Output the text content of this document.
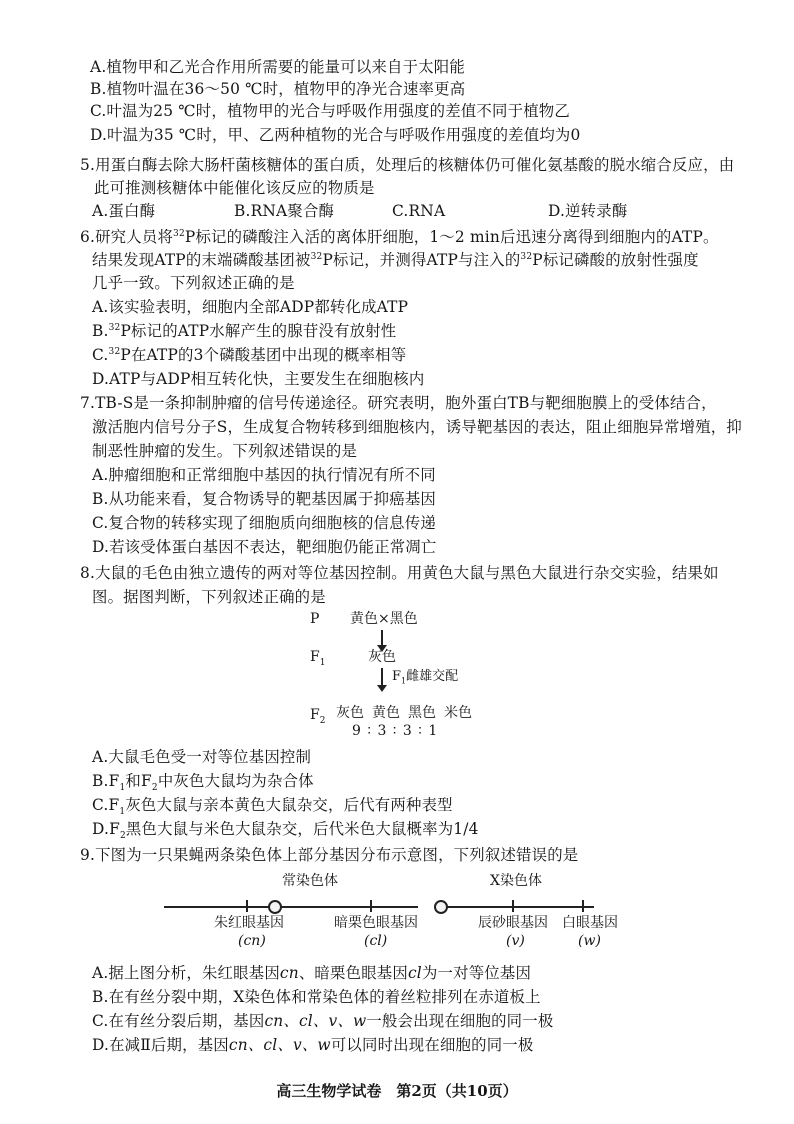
A.植物甲和乙光合作用所需要的能量可以来自于太阳能
B.植物叶温在36～50 ℃时，植物甲的净光合速率更高
C.叶温为25 ℃时，植物甲的光合与呼吸作用强度的差值不同于植物乙
D.叶温为35 ℃时，甲、乙两种植物的光合与呼吸作用强度的差值均为0
5.用蛋白酶去除大肠杆菌核糖体的蛋白质，处理后的核糖体仍可催化氨基酸的脱水缩合反应，由
此可推测核糖体中能催化该反应的物质是
A.蛋白酶	B.RNA聚合酶	C.RNA	D.逆转录酶
6.研究人员将$^{32}$P标记的磷酸注入活的离体肝细胞，1～2 min后迅速分离得到细胞内的ATP。
结果发现ATP的末端磷酸基团被$^{32}$P标记，并测得ATP与注入的$^{32}$P标记磷酸的放射性强度
几乎一致。下列叙述正确的是
A.该实验表明，细胞内全部ADP都转化成ATP
B.$^{32}$P标记的ATP水解产生的腺苷没有放射性
C.$^{32}$P在ATP的3个磷酸基团中出现的概率相等
D.ATP与ADP相互转化快，主要发生在细胞核内
7.TB-S是一条抑制肿瘤的信号传递途径。研究表明，胞外蛋白TB与靶细胞膜上的受体结合，
激活胞内信号分子S，生成复合物转移到细胞核内，诱导靶基因的表达，阻止细胞异常增殖，抑
制恶性肿瘤的发生。下列叙述错误的是
A.肿瘤细胞和正常细胞中基因的执行情况有所不同
B.从功能来看，复合物诱导的靶基因属于抑癌基因
C.复合物的转移实现了细胞质向细胞核的信息传递
D.若该受体蛋白基因不表达，靶细胞仍能正常凋亡
8.大鼠的毛色由独立遗传的两对等位基因控制。用黄色大鼠与黑色大鼠进行杂交实验，结果如
图。据图判断，下列叙述正确的是
P 黄色×黑色
$F_1$	灰色
$F_1$雌雄交配
$F_2$ 灰色 黄色 黑色 米色
9 ∶ 3 ∶ 3 ∶ 1
A.大鼠毛色受一对等位基因控制
$B.F_1$和$F_2$中灰色大鼠均为杂合体
$C.F_1$灰色大鼠与亲本黄色大鼠杂交，后代有两种表型
$D.F_2$黑色大鼠与米色大鼠杂交，后代米色大鼠概率为1/4
9.下图为一只果蝇两条染色体上部分基因分布示意图，下列叙述错误的是
常染色体	X染色体
朱红眼基因
(cn)
暗栗色眼基因
(cl)
辰砂眼基因
(v)
白眼基因
(w)
A.据上图分析，朱红眼基因cn、暗栗色眼基因cl为一对等位基因
B.在有丝分裂中期，X染色体和常染色体的着丝粒排列在赤道板上
C.在有丝分裂后期，基因cn、cl、v、w一般会出现在细胞的同一极
D.在减Ⅱ后期，基因cn、cl、v、w可以同时出现在细胞的同一极
高三生物学试卷　第2页（共10页）
